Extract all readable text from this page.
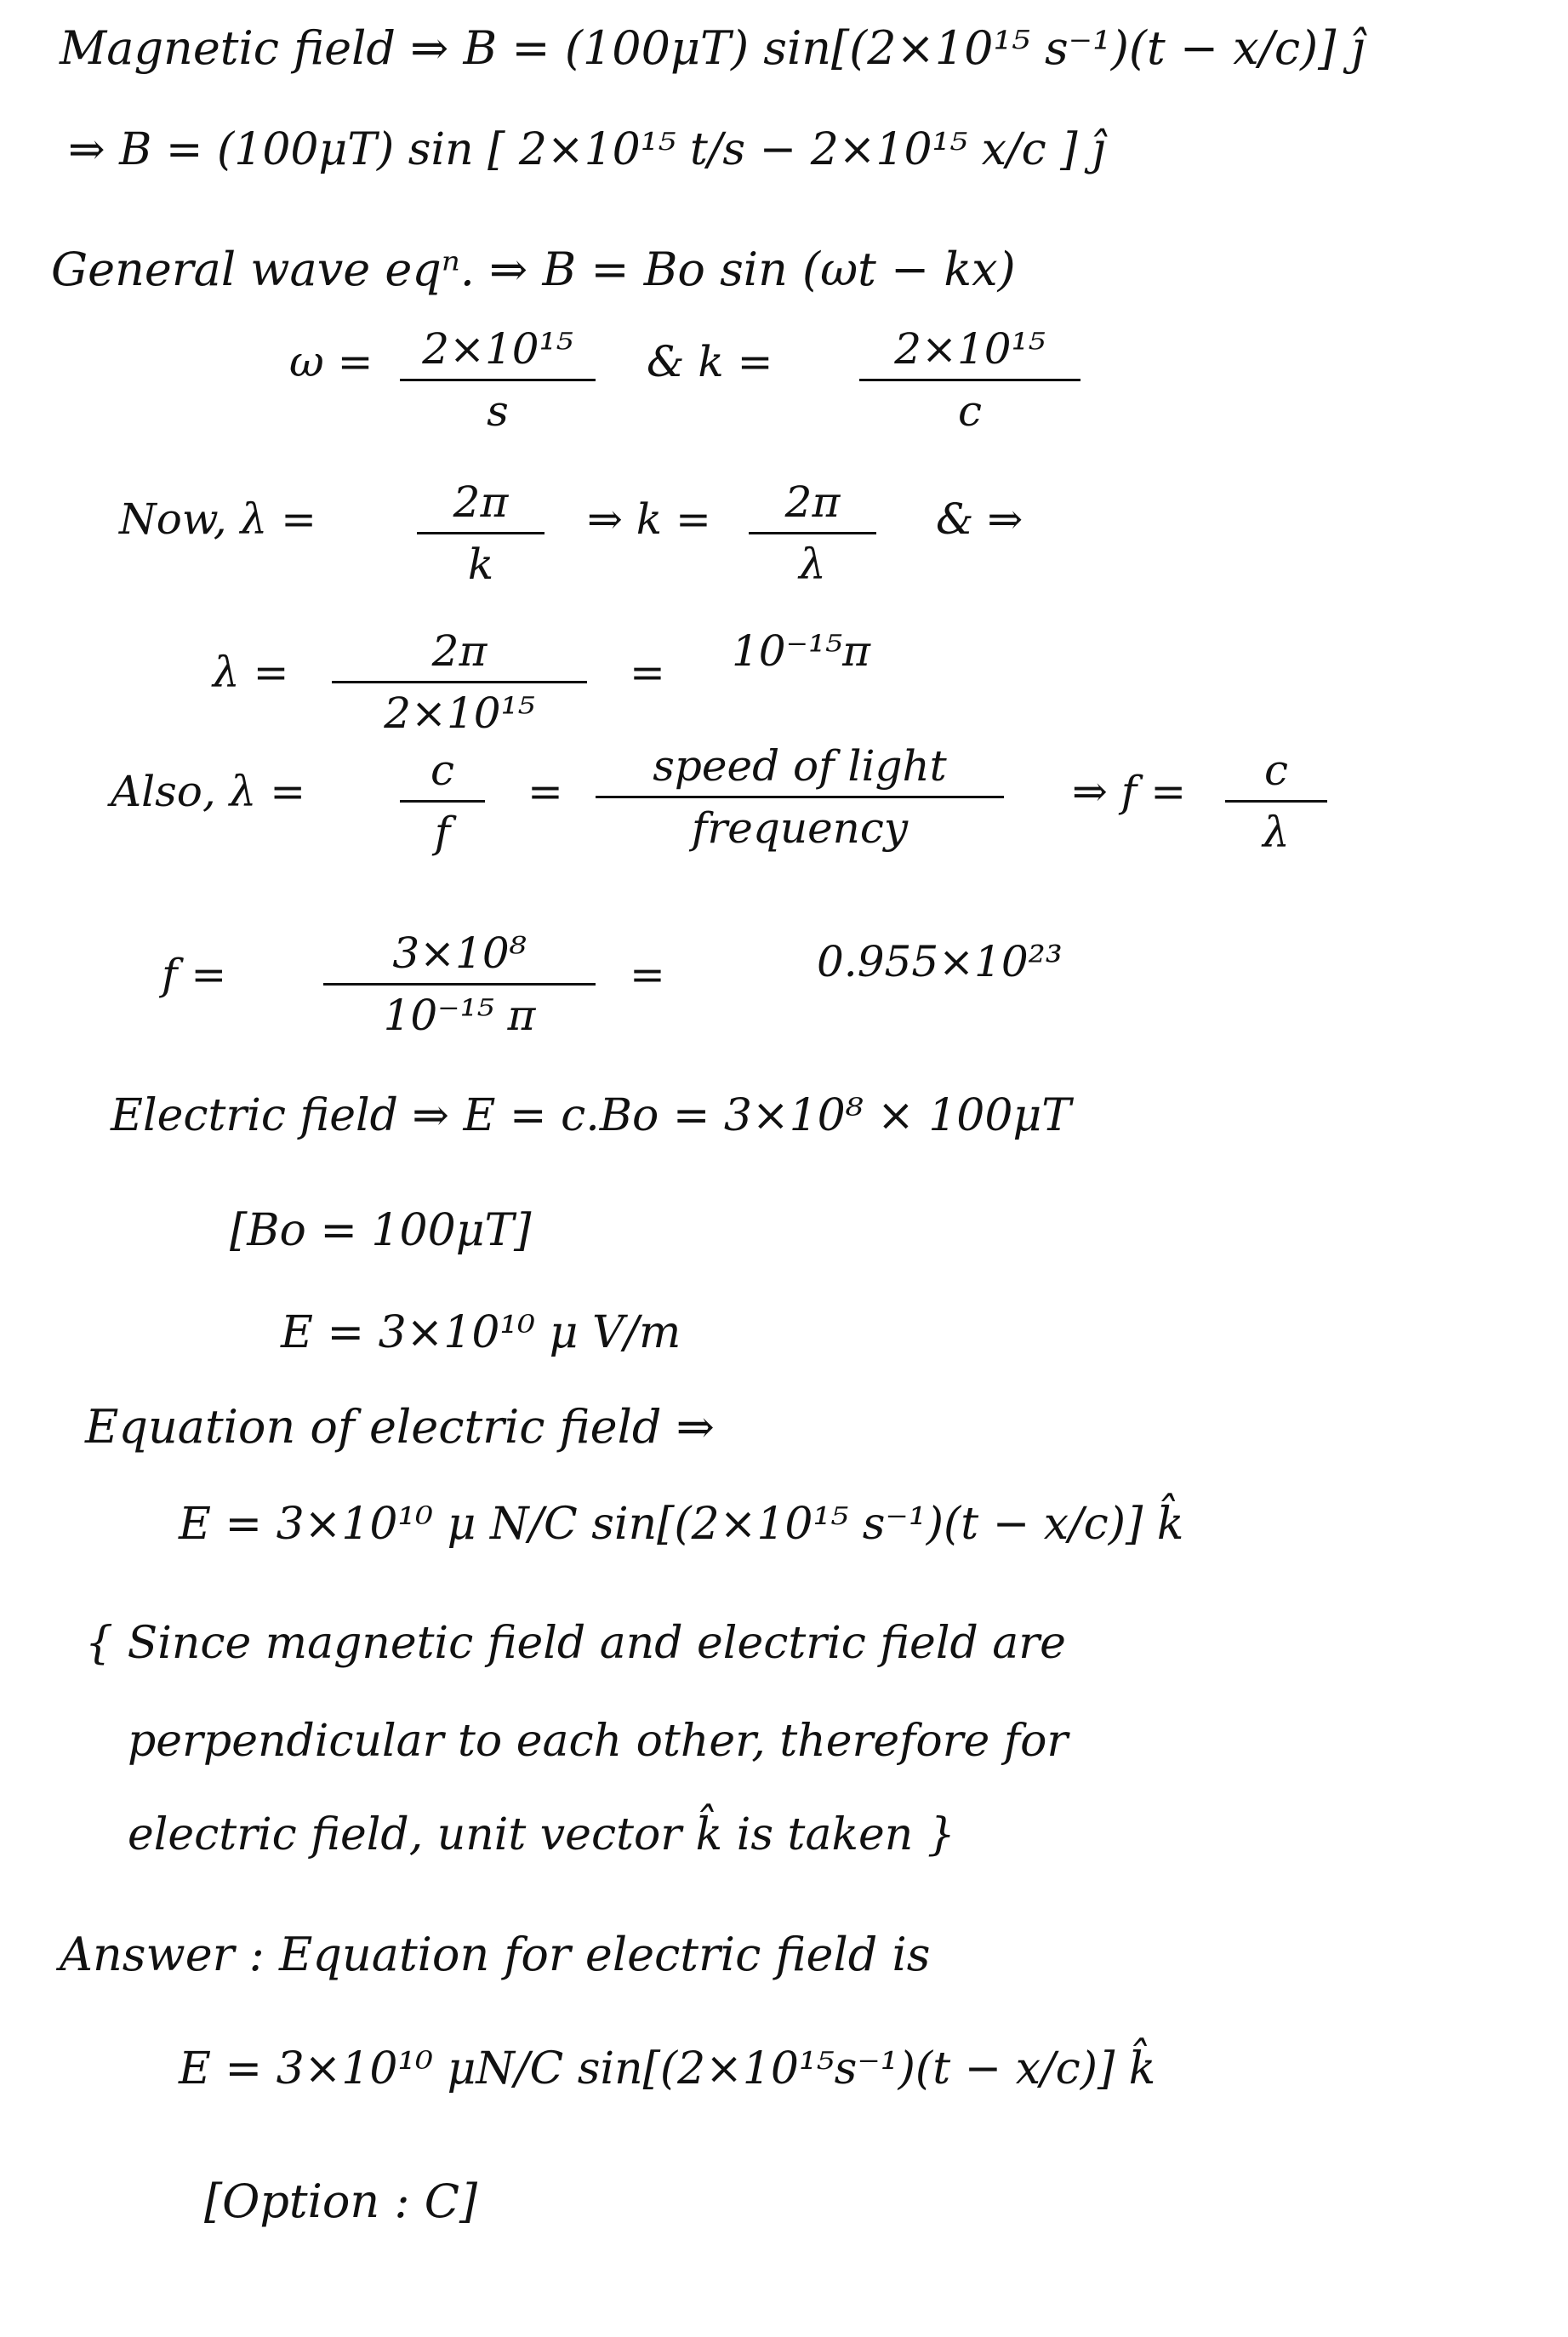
Magnetic field ⇒ B = (100μT) sin[(2×10¹⁵ s⁻¹)(t − x/c)] ĵ
⇒ B = (100μT) sin [ 2×10¹⁵ t/s − 2×10¹⁵ x/c ] ĵ
General wave eqⁿ. ⇒ B = Bo sin (ωt − kx)
$\omega = \frac{\text{2×10¹⁵}}{s}$ & $k = \frac{\text{2×10¹⁵}}{c}$
Now, $\lambda = \frac{2\pi}{k}$ ⇒ $k = \frac{2\pi}{\lambda}$ & ⇒
$\lambda = \frac{2\pi}{\text{2×10¹⁵}} = 10^{-15}\pi$
Also, $\lambda = \frac{c}{f}$ =
speed of light
frequency
⇒ $f = \frac{c}{\lambda}$
$f = \frac{\text{3×10⁸}}{\text{10⁻¹⁵ π}}$ =	0.955×10²³
Electric field ⇒ E = c.Bo = 3×10⁸ × 100μT
[Bo = 100μT]
E = 3×10¹⁰ μ V/m
Equation of electric field ⇒
E = 3×10¹⁰ μ N/C sin[(2×10¹⁵ s⁻¹)(t − x/c)] k̂
{ Since magnetic field and electric field are
perpendicular to each other, therefore for
electric field, unit vector k̂ is taken }
Answer : Equation for electric field is
E = 3×10¹⁰ μN/C sin[(2×10¹⁵s⁻¹)(t − x/c)] k̂
[Option : C]
